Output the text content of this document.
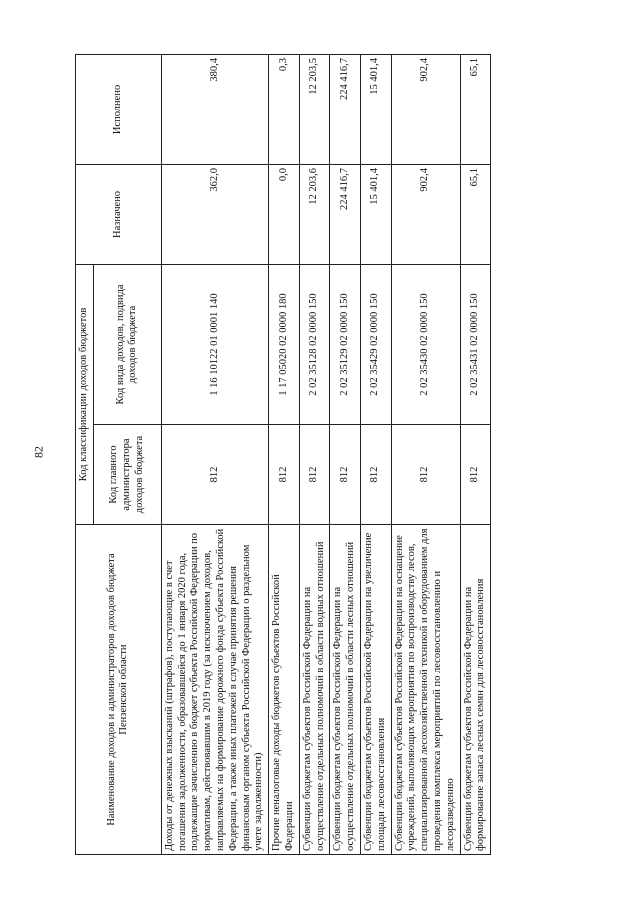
82
Наименование доходов и администраторов доходов бюджета Пензенской области	Код классификации доходов бюджетов		Назначено	Исполнено
	Код главного администратора доходов бюджета	Код вида доходов, подвида доходов бюджета		
Доходы от денежных взысканий (штрафов), поступающие в счет погашения задолженности, образовавшейся до 1 января 2020 года, подлежащие зачислению в бюджет субъекта Российской Федерации по нормативам, действовавшим в 2019 году (за исключением доходов, направляемых на формирование дорожного фонда субъекта Российской Федерации, а также иных платежей в случае принятия решения финансовым органом субъекта Российской Федерации о раздельном учете задолженности)	812	1 16 10122 01 0001 140	362,0	380,4
Прочие неналоговые доходы бюджетов субъектов Российской Федерации	812	1 17 05020 02 0000 180	0,0	0,3
Субвенции бюджетам субъектов Российской Федерации на осуществление отдельных полномочий в области водных отношений	812	2 02 35128 02 0000 150	12 203,6	12 203,5
Субвенции бюджетам субъектов Российской Федерации на осуществление отдельных полномочий в области лесных отношений	812	2 02 35129 02 0000 150	224 416,7	224 416,7
Субвенции бюджетам субъектов Российской Федерации на увеличение площади лесовосстановления	812	2 02 35429 02 0000 150	15 401,4	15 401,4
Субвенции бюджетам субъектов Российской Федерации на оснащение учреждений, выполняющих мероприятия по воспроизводству лесов, специализированной лесохозяйственной техникой и оборудованием для проведения комплекса мероприятий по лесовосстановлению и лесоразведению	812	2 02 35430 02 0000 150	902,4	902,4
Субвенции бюджетам субъектов Российской Федерации на формирование запаса лесных семян для лесовосстановления	812	2 02 35431 02 0000 150	65,1	65,1
